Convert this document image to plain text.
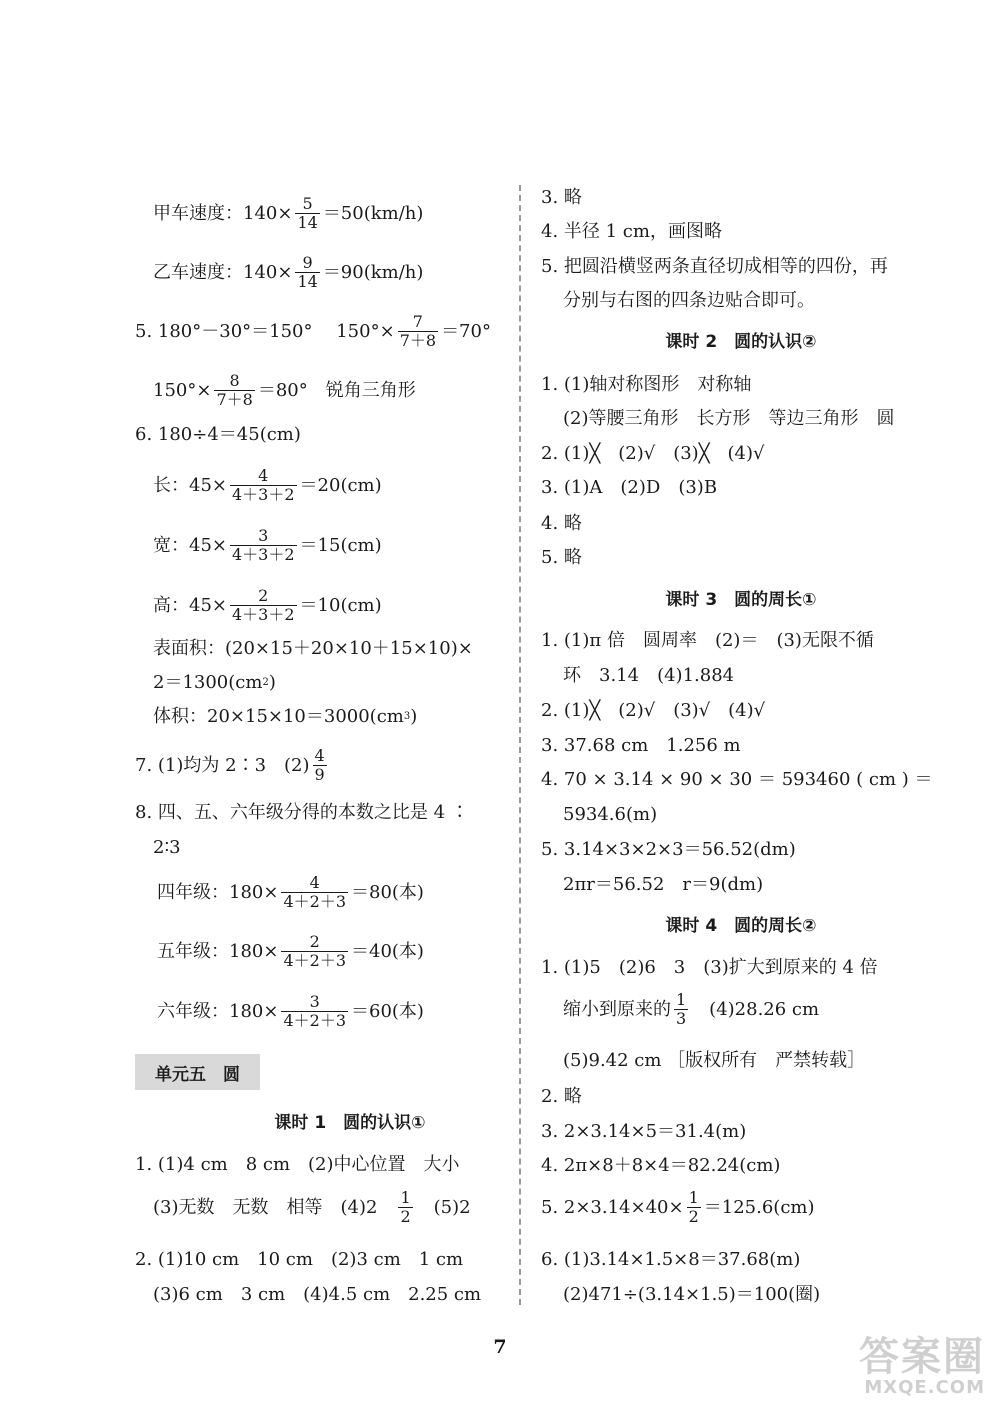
甲车速度：$140\times \frac{5}{14} =50(km/h)$
乙车速度：$140\times \frac{9}{14} =90(km/h)$
5. 180°－30°＝150°　 $150^\circ\times \frac{7}{7+8} =70^\circ$
$150^\circ\times \frac{8}{7+8} =80^\circ$　锐角三角形
6. 180÷4＝45(cm)
长：$45\times \frac{4}{4+3+2} =20(cm)$
宽：$45\times \frac{3}{4+3+2} =15(cm)$
高：$45\times \frac{2}{4+3+2} =10(cm)$
表面积：(20×15＋20×10＋15×10)×
2＝1300(cm 2 )
体积：20×15×10＝3000(cm 3 )
7. (1)均为 2∶3　$(2) \frac{4}{9}$
8. 四、五、六年级分得的本数之比是 4 ∶
2∶3
四年级：$180\times \frac{4}{4+2+3} =80$(本)
五年级：$180\times \frac{2}{4+2+3} =40$(本)
六年级：$180\times \frac{3}{4+2+3} =60$(本)
单元五　圆
课时 1　圆的认识①
1. (1)4 cm　8 cm　(2)中心位置　大小
(3)无数　无数　相等　(4)2　 $\frac{1}{2}$ 　(5)2
2. (1)10 cm　10 cm　(2)3 cm　1 cm
(3)6 cm　3 cm　(4)4.5 cm　2.25 cm
3. 略
4. 半径 1 cm，画图略
5. 把圆沿横竖两条直径切成相等的四份，再
分别与右图的四条边贴合即可。
课时 2　圆的认识②
1. (1)轴对称图形　对称轴
(2)等腰三角形　长方形　等边三角形　圆
2. (1)╳　(2)√　(3)╳　(4)√
3. (1)A　(2)D　(3)B
4. 略
5. 略
课时 3　圆的周长①
1. (1)π 倍　圆周率　(2)＝　(3)无限不循
环　3.14　(4)1.884
2. (1)╳　(2)√　(3)√　(4)√
3. 37.68 cm　1.256 m
4. 70 × 3.14 × 90 × 30 ＝ 593460 ( cm ) ＝
5934.6(m)
5. 3.14×3×2×3＝56.52(dm)
2πr＝56.52　r＝9(dm)
课时 4　圆的周长②
1. (1)5　(2)6　3　(3)扩大到原来的 4 倍
缩小到原来的 $\frac{1}{3}$ 　(4)28.26 cm
(5)9.42 cm ［版权所有　严禁转载］
2. 略
3. 2×3.14×5＝31.4(m)
4. 2π×8＋8×4＝82.24(cm)
5. $2\times 3.14\times 40\times \frac{1}{2} =125.6(cm)$
6. (1)3.14×1.5×8＝37.68(m)
(2)471÷(3.14×1.5)＝100(圈)
7	答案圈
MXQE.COM
